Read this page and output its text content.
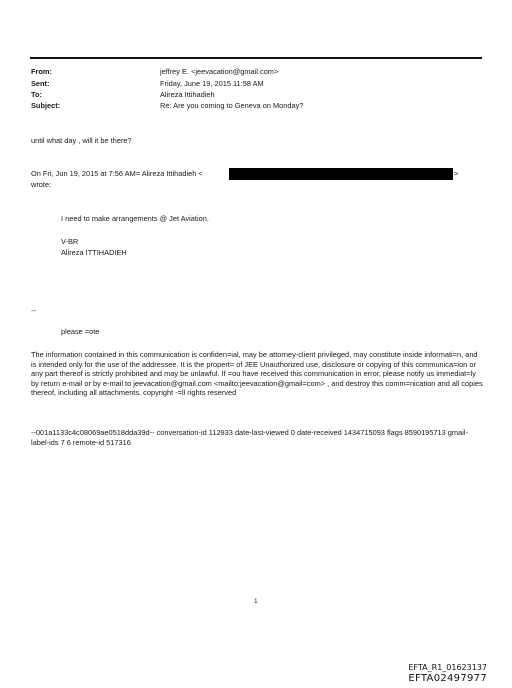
From:	jeffrey E. <jeevacation@gmail.com>
Sent:	Friday, June 19, 2015 11:58 AM
To:	Alireza Ittihadieh
Subject:	Re: Are you coming to Geneva on Monday?
until what day , will it be there?
On Fri, Jun 19, 2015 at 7:56 AM= Alireza Ittihadieh <	>
wrote:
I need to make arrangements @ Jet Aviation.
V-BR
Alireza ITTIHADIEH
--
please =ote
The information contained in this communication is confiden=ial, may be attorney-client privileged, may constitute inside informati=n, and is intended only for the use of the addressee. It is the propert= of JEE Unauthorized use, disclosure or copying of this communica=ion or any part thereof is strictly prohibited and may be unlawful. If =ou have received this communication in error, please notify us immediat=ly by return e-mail or by e-mail to jeevacation@gmail.com <mailto:jeevacation@gmail=com> , and destroy this comm=nication and all copies thereof, including all attachments. copyright -=ll rights reserved
--001a1133c4c08069ae0518dda39d-- conversation-id 112933 date-last-viewed 0 date-received 1434715093 flags 8590195713 gmail-label-ids 7 6 remote-id 517316
1
EFTA_R1_01623137
EFTA02497977
